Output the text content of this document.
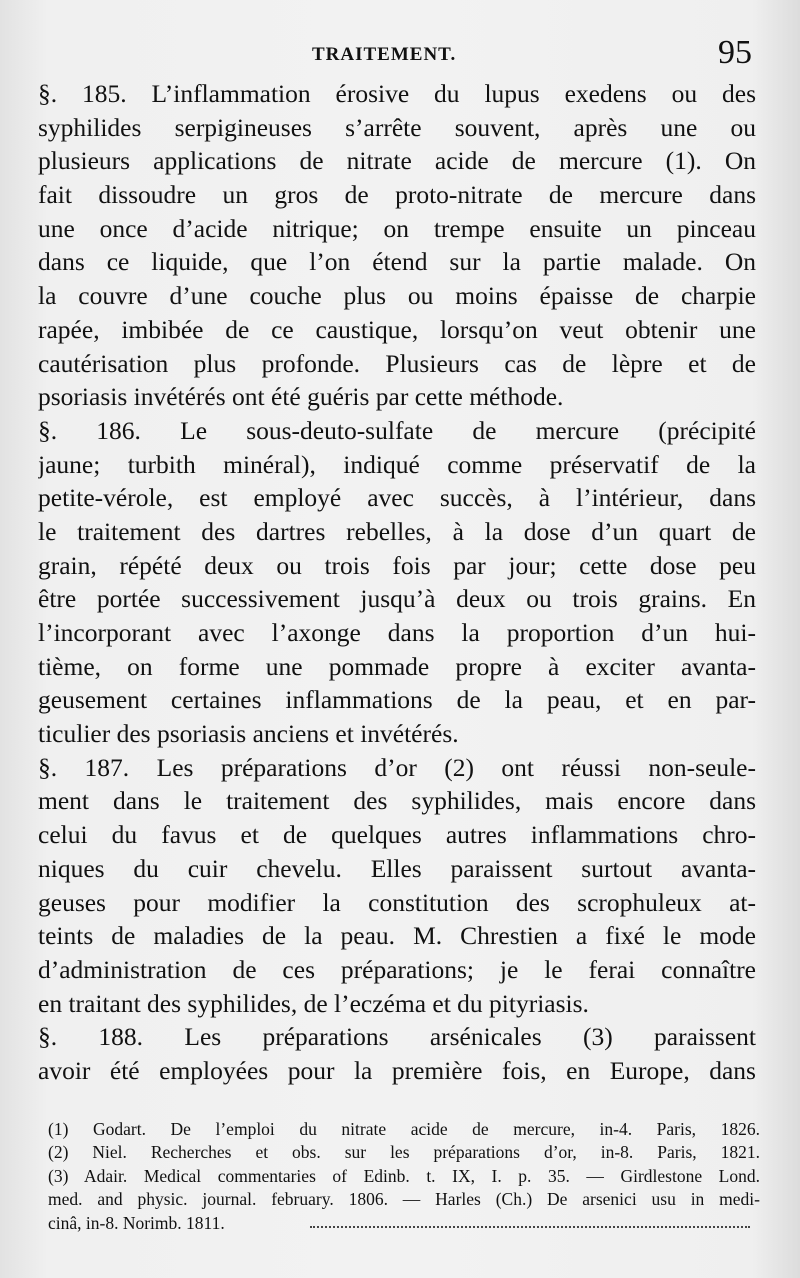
TRAITEMENT.	95
§. 185. L’inflammation érosive du lupus exedens ou des
syphilides serpigineuses s’arrête souvent, après une ou
plusieurs applications de nitrate acide de mercure (1). On
fait dissoudre un gros de proto-nitrate de mercure dans
une once d’acide nitrique; on trempe ensuite un pinceau
dans ce liquide, que l’on étend sur la partie malade. On
la couvre d’une couche plus ou moins épaisse de charpie
rapée, imbibée de ce caustique, lorsqu’on veut obtenir une
cautérisation plus profonde. Plusieurs cas de lèpre et de
psoriasis invétérés ont été guéris par cette méthode.
§. 186. Le sous-deuto-sulfate de mercure (précipité
jaune; turbith minéral), indiqué comme préservatif de la
petite-vérole, est employé avec succès, à l’intérieur, dans
le traitement des dartres rebelles, à la dose d’un quart de
grain, répété deux ou trois fois par jour; cette dose peu
être portée successivement jusqu’à deux ou trois grains. En
l’incorporant avec l’axonge dans la proportion d’un hui-
tième, on forme une pommade propre à exciter avanta-
geusement certaines inflammations de la peau, et en par-
ticulier des psoriasis anciens et invétérés.
§. 187. Les préparations d’or (2) ont réussi non-seule-
ment dans le traitement des syphilides, mais encore dans
celui du favus et de quelques autres inflammations chro-
niques du cuir chevelu. Elles paraissent surtout avanta-
geuses pour modifier la constitution des scrophuleux at-
teints de maladies de la peau. M. Chrestien a fixé le mode
d’administration de ces préparations; je le ferai connaître
en traitant des syphilides, de l’eczéma et du pityriasis.
§. 188. Les préparations arsénicales (3) paraissent
avoir été employées pour la première fois, en Europe, dans
(1) Godart. De l’emploi du nitrate acide de mercure, in-4. Paris, 1826.
(2) Niel. Recherches et obs. sur les préparations d’or, in-8. Paris, 1821.
(3) Adair. Medical commentaries of Edinb. t. IX, I. p. 35. — Girdlestone Lond.
med. and physic. journal. february. 1806. — Harles (Ch.) De arsenici usu in medi-
cinâ, in-8. Norimb. 1811.
